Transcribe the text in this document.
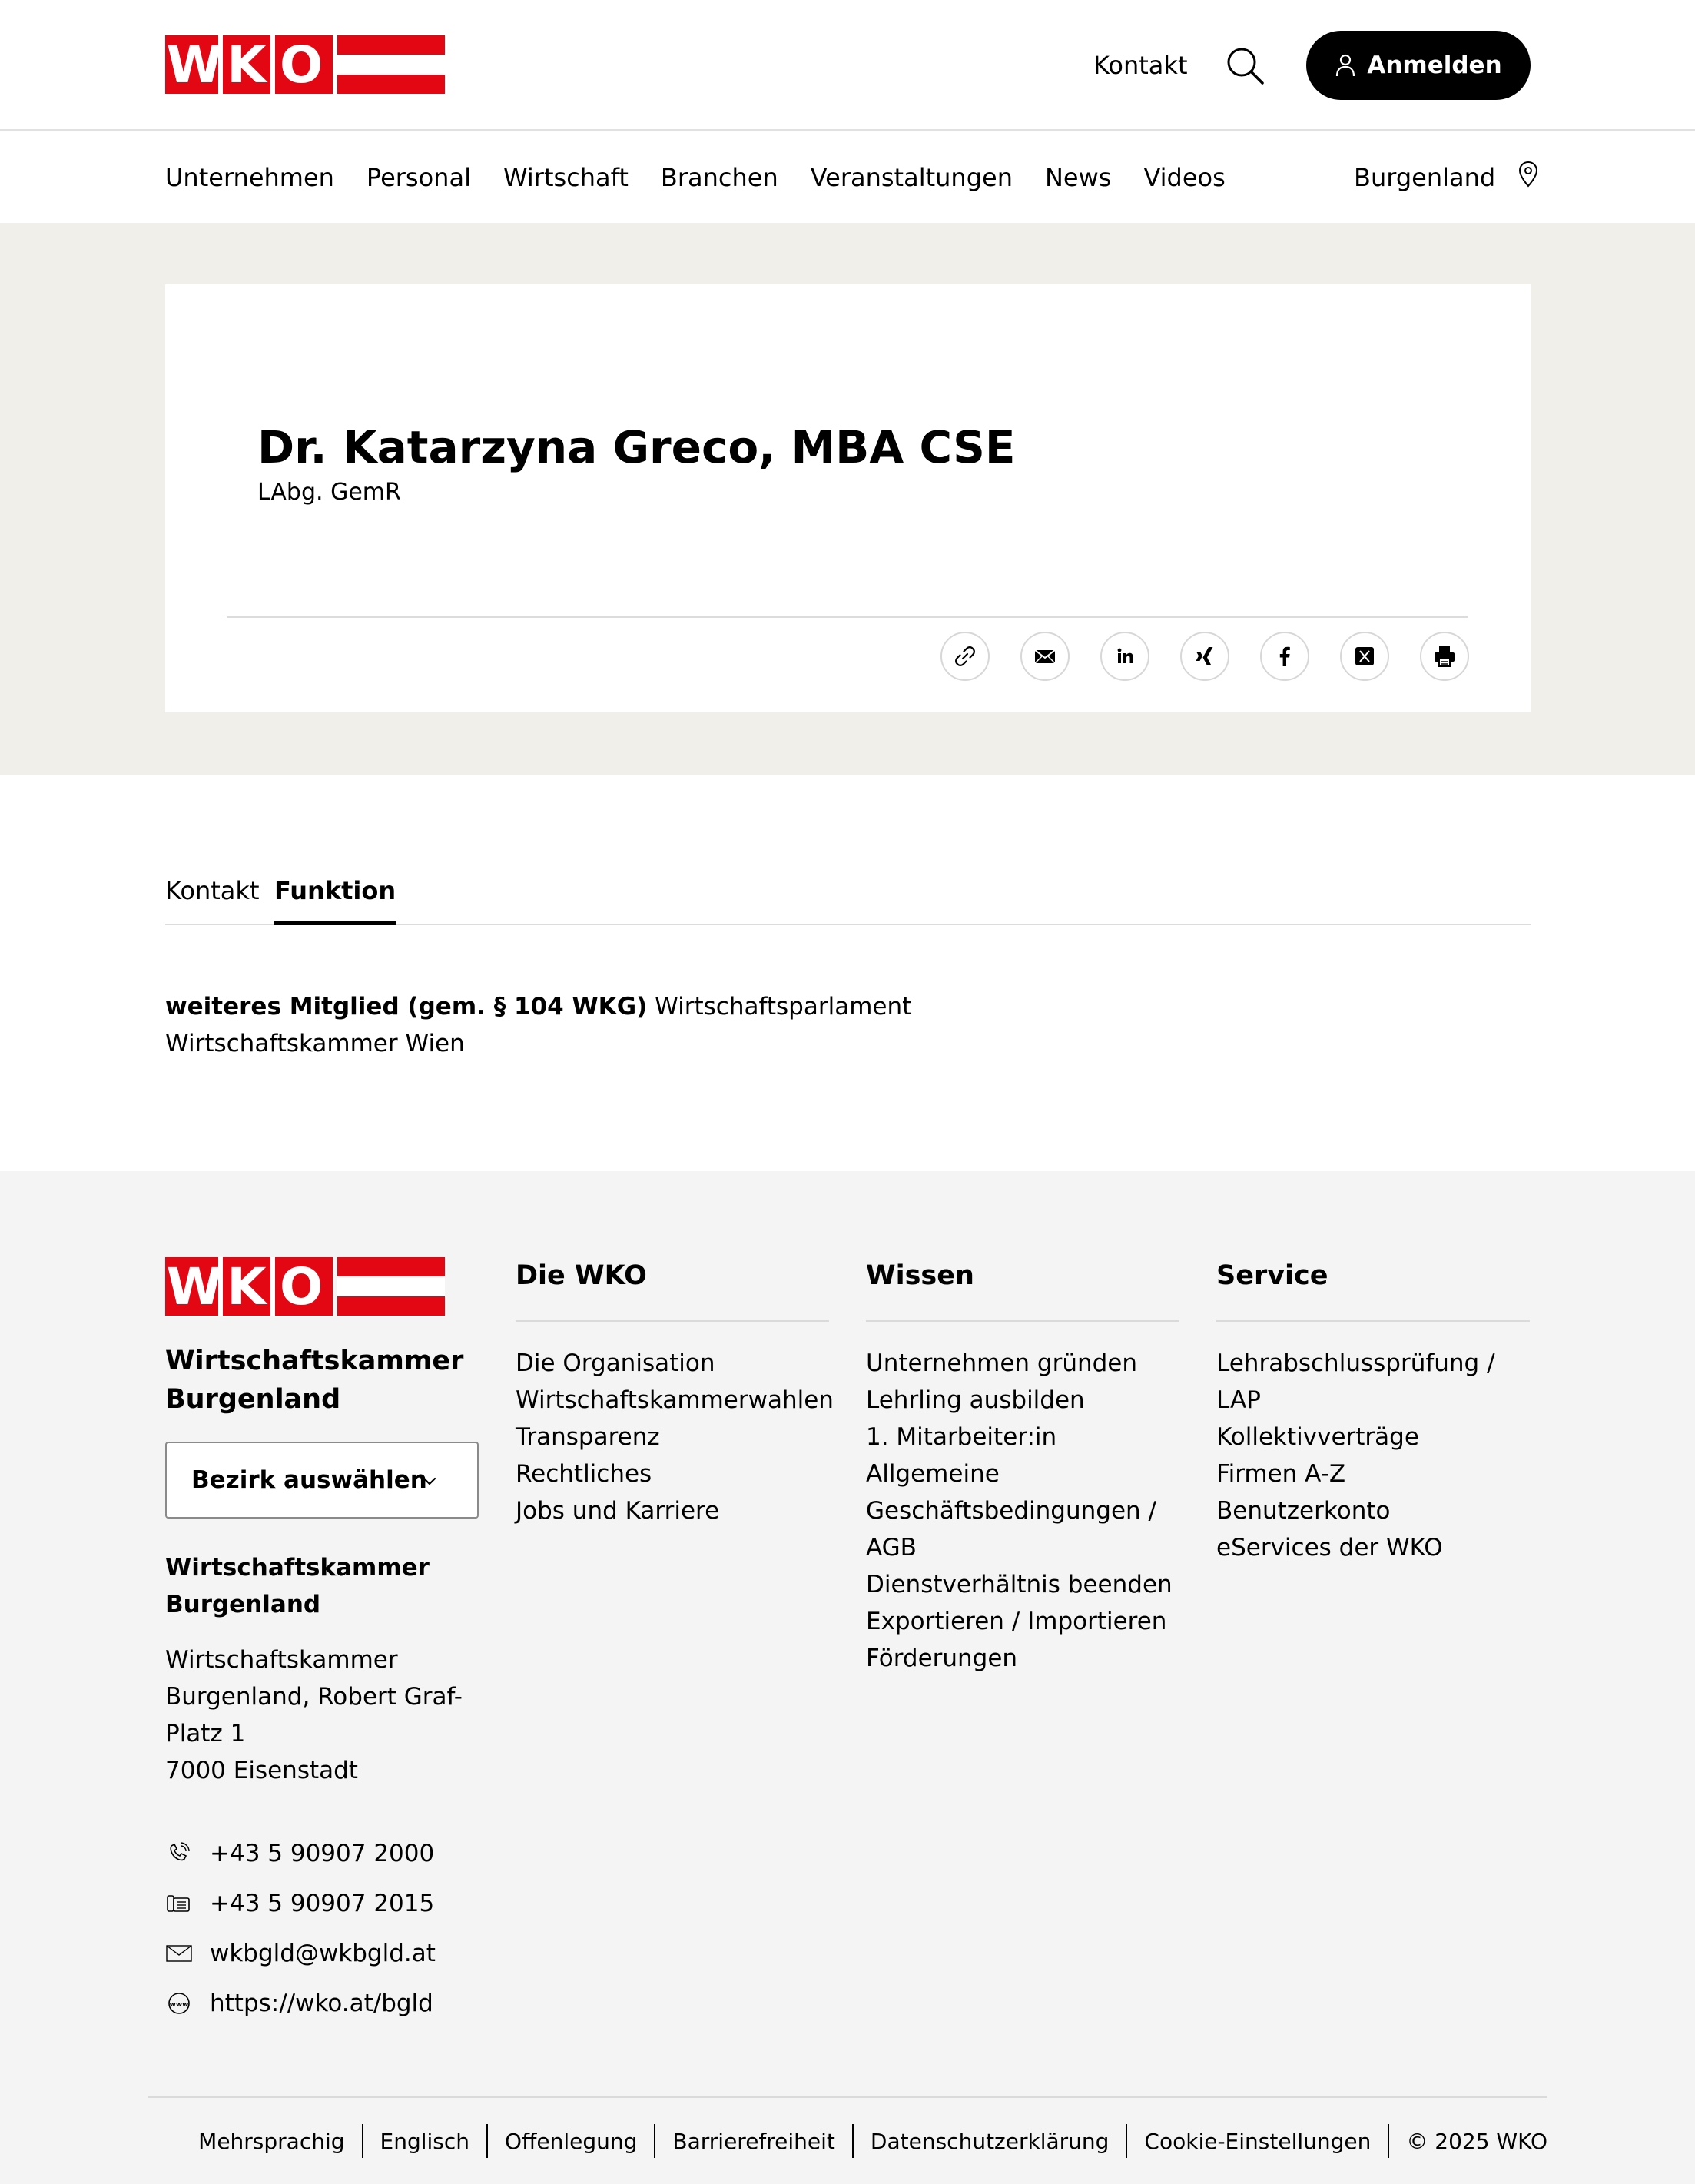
W K O	Kontakt	Anmelden
Unternehmen Personal Wirtschaft Branchen Veranstaltungen News Videos	Burgenland
Dr. Katarzyna Greco, MBA CSE
LAbg. GemR
Kontakt Funktion
weiteres Mitglied (gem. § 104 WKG) Wirtschaftsparlament
Wirtschaftskammer Wien
W K O
Wirtschaftskammer Burgenland
Bezirk auswählen
Wirtschaftskammer Burgenland
Wirtschaftskammer
Burgenland, Robert Graf-
Platz 1
7000 Eisenstadt
+43 5 90907 2000
+43 5 90907 2015
wkbgld@wkbgld.at
www https://wko.at/bgld
Die WKO
Die Organisation
Wirtschaftskammerwahlen
Transparenz
Rechtliches
Jobs und Karriere
Wissen
Unternehmen gründen
Lehrling ausbilden
1. Mitarbeiter:in
Allgemeine
Geschäftsbedingungen /
AGB
Dienstverhältnis beenden
Exportieren / Importieren
Förderungen
Service
Lehrabschlussprüfung / LAP
Kollektivverträge
Firmen A-Z
Benutzerkonto
eServices der WKO
Mehrsprachig	Englisch	Offenlegung	Barrierefreiheit	Datenschutzerklärung	Cookie-Einstellungen	© 2025 WKO
